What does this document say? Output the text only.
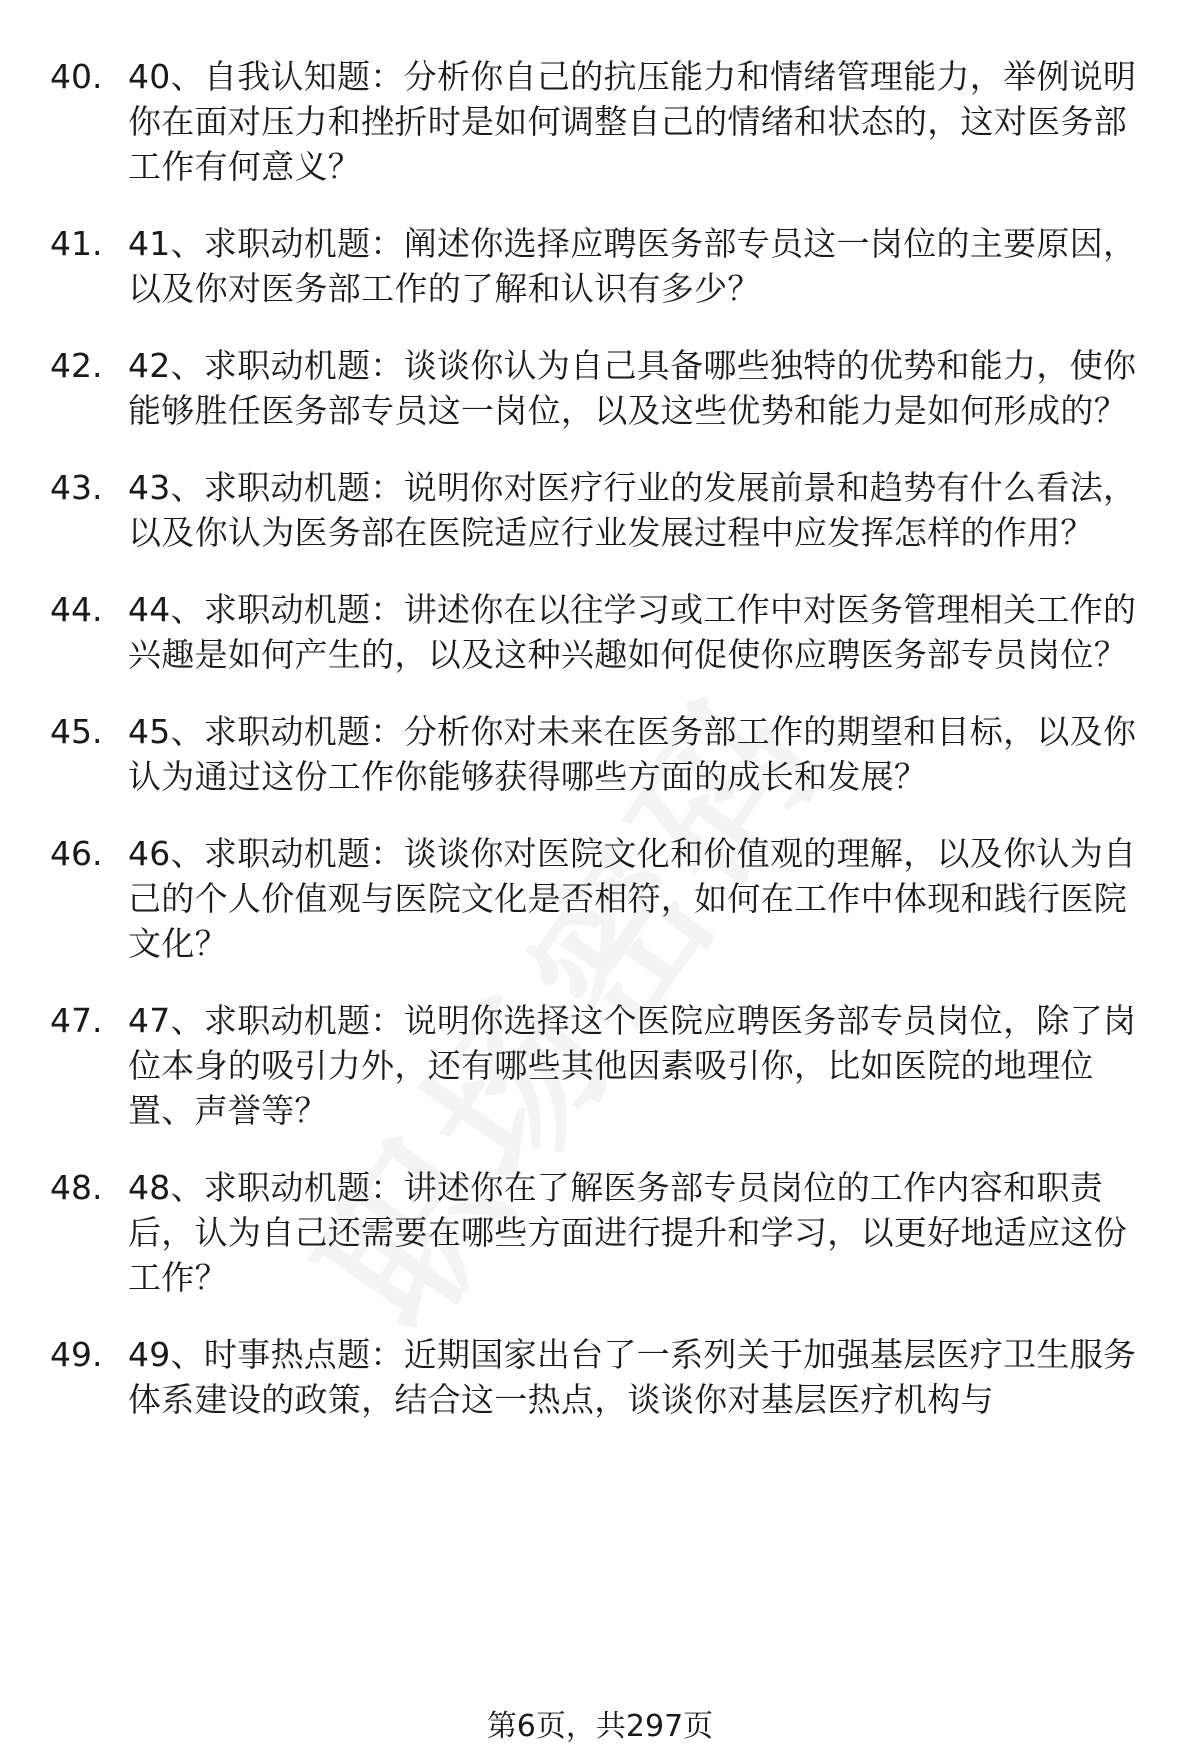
40. 40、自我认知题：分析你自己的抗压能力和情绪管理能力，举例说明你在面对压力和挫折时是如何调整自己的情绪和状态的，这对医务部工作有何意义？
41. 41、求职动机题：阐述你选择应聘医务部专员这一岗位的主要原因，以及你对医务部工作的了解和认识有多少？
42. 42、求职动机题：谈谈你认为自己具备哪些独特的优势和能力，使你能够胜任医务部专员这一岗位，以及这些优势和能力是如何形成的？
43. 43、求职动机题：说明你对医疗行业的发展前景和趋势有什么看法，以及你认为医务部在医院适应行业发展过程中应发挥怎样的作用？
44. 44、求职动机题：讲述你在以往学习或工作中对医务管理相关工作的兴趣是如何产生的，以及这种兴趣如何促使你应聘医务部专员岗位？
45. 45、求职动机题：分析你对未来在医务部工作的期望和目标，以及你认为通过这份工作你能够获得哪些方面的成长和发展？
46. 46、求职动机题：谈谈你对医院文化和价值观的理解，以及你认为自己的个人价值观与医院文化是否相符，如何在工作中体现和践行医院文化？
47. 47、求职动机题：说明你选择这个医院应聘医务部专员岗位，除了岗位本身的吸引力外，还有哪些其他因素吸引你，比如医院的地理位置、声誉等？
48. 48、求职动机题：讲述你在了解医务部专员岗位的工作内容和职责后，认为自己还需要在哪些方面进行提升和学习，以更好地适应这份工作？
49. 49、时事热点题：近期国家出台了一系列关于加强基层医疗卫生服务体系建设的政策，结合这一热点，谈谈你对基层医疗机构与
第6页，共297页
